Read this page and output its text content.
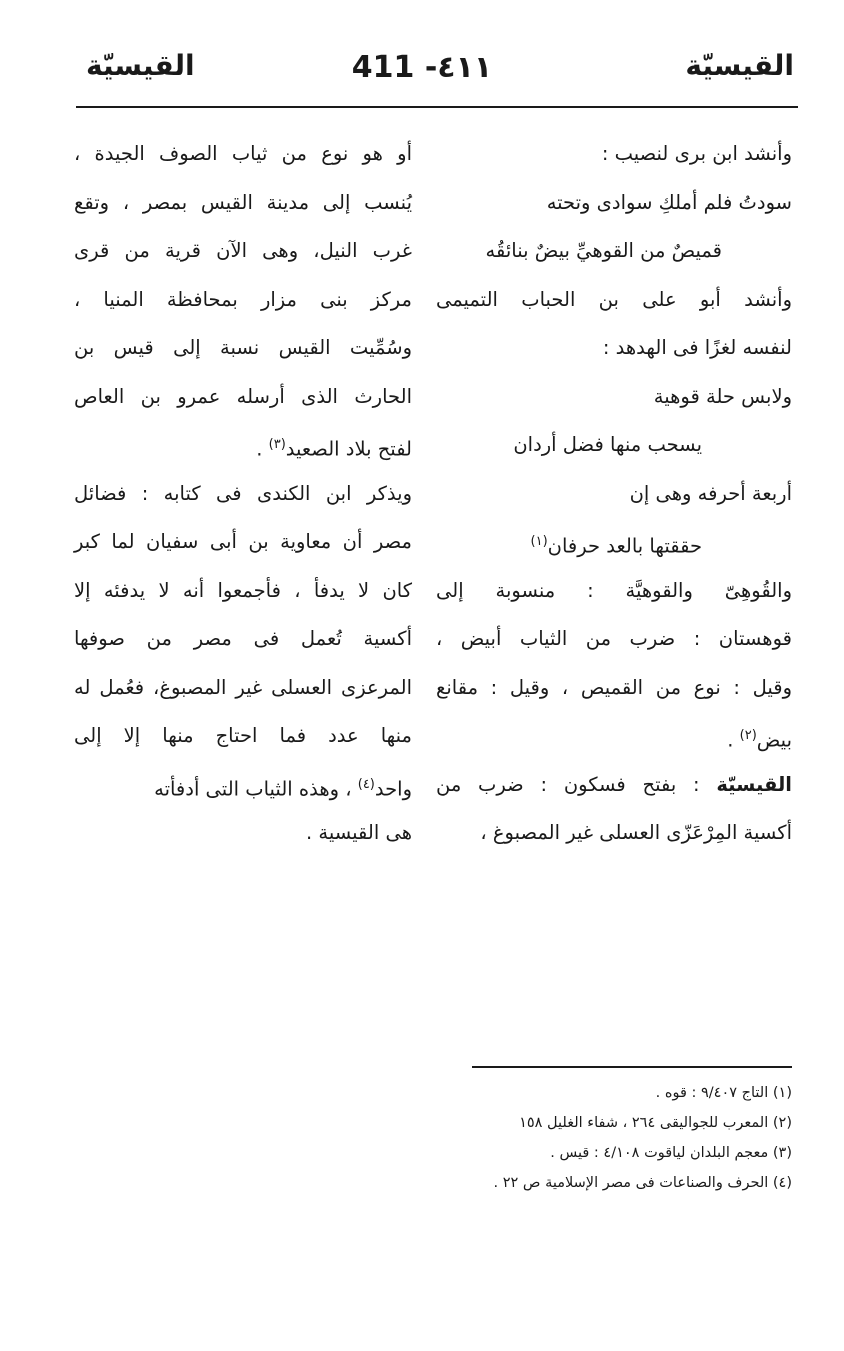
القيسيّة
411 -٤١١
القيسيّة
وأنشد ابن برى لنصيب :
سودتُ فلم أملكِ سوادى وتحته
قميصٌ من القوهيِّ بيضٌ بنائقُه
وأنشد أبو على بن الحباب التميمى
لنفسه لغزًا فى الهدهد :
ولابس حلة قوهية
يسحب منها فضل أردان
أربعة أحرفه وهى إن
حققتها بالعد حرفان$^{(١)}$
والقُوهِىّ والقوهيَّة : منسوبة إلى
قوهستان : ضرب من الثياب أبيض ،
وقيل : نوع من القميص ، وقيل : مقانع
بيض$^{(٢)}$ .
القيسيّة : بفتح فسكون : ضرب من
أكسية المِرْعَزّى العسلى غير المصبوغ ،
أو هو نوع من ثياب الصوف الجيدة ،
يُنسب إلى مدينة القيس بمصر ، وتقع
غرب النيل، وهى الآن قرية من قرى
مركز بنى مزار بمحافظة المنيا ،
وسُمِّيت القيس نسبة إلى قيس بن
الحارث الذى أرسله عمرو بن العاص
لفتح بلاد الصعيد$^{(٣)}$ .
ويذكر ابن الكندى فى كتابه : فضائل
مصر أن معاوية بن أبى سفيان لما كبر
كان لا يدفأ ، فأجمعوا أنه لا يدفئه إلا
أكسية تُعمل فى مصر من صوفها
المرعزى العسلى غير المصبوغ، فعُمل له
منها عدد فما احتاج منها إلا إلى
واحد$^{(٤)}$ ، وهذه الثياب التى أدفأته
هى القيسية .
(١) التاج ٩/٤٠٧ : قوه .
(٢) المعرب للجواليقى ٢٦٤ ، شفاء الغليل ١٥٨
(٣) معجم البلدان لياقوت ٤/١٠٨ : قيس .
(٤) الحرف والصناعات فى مصر الإسلامية ص ٢٢ .
